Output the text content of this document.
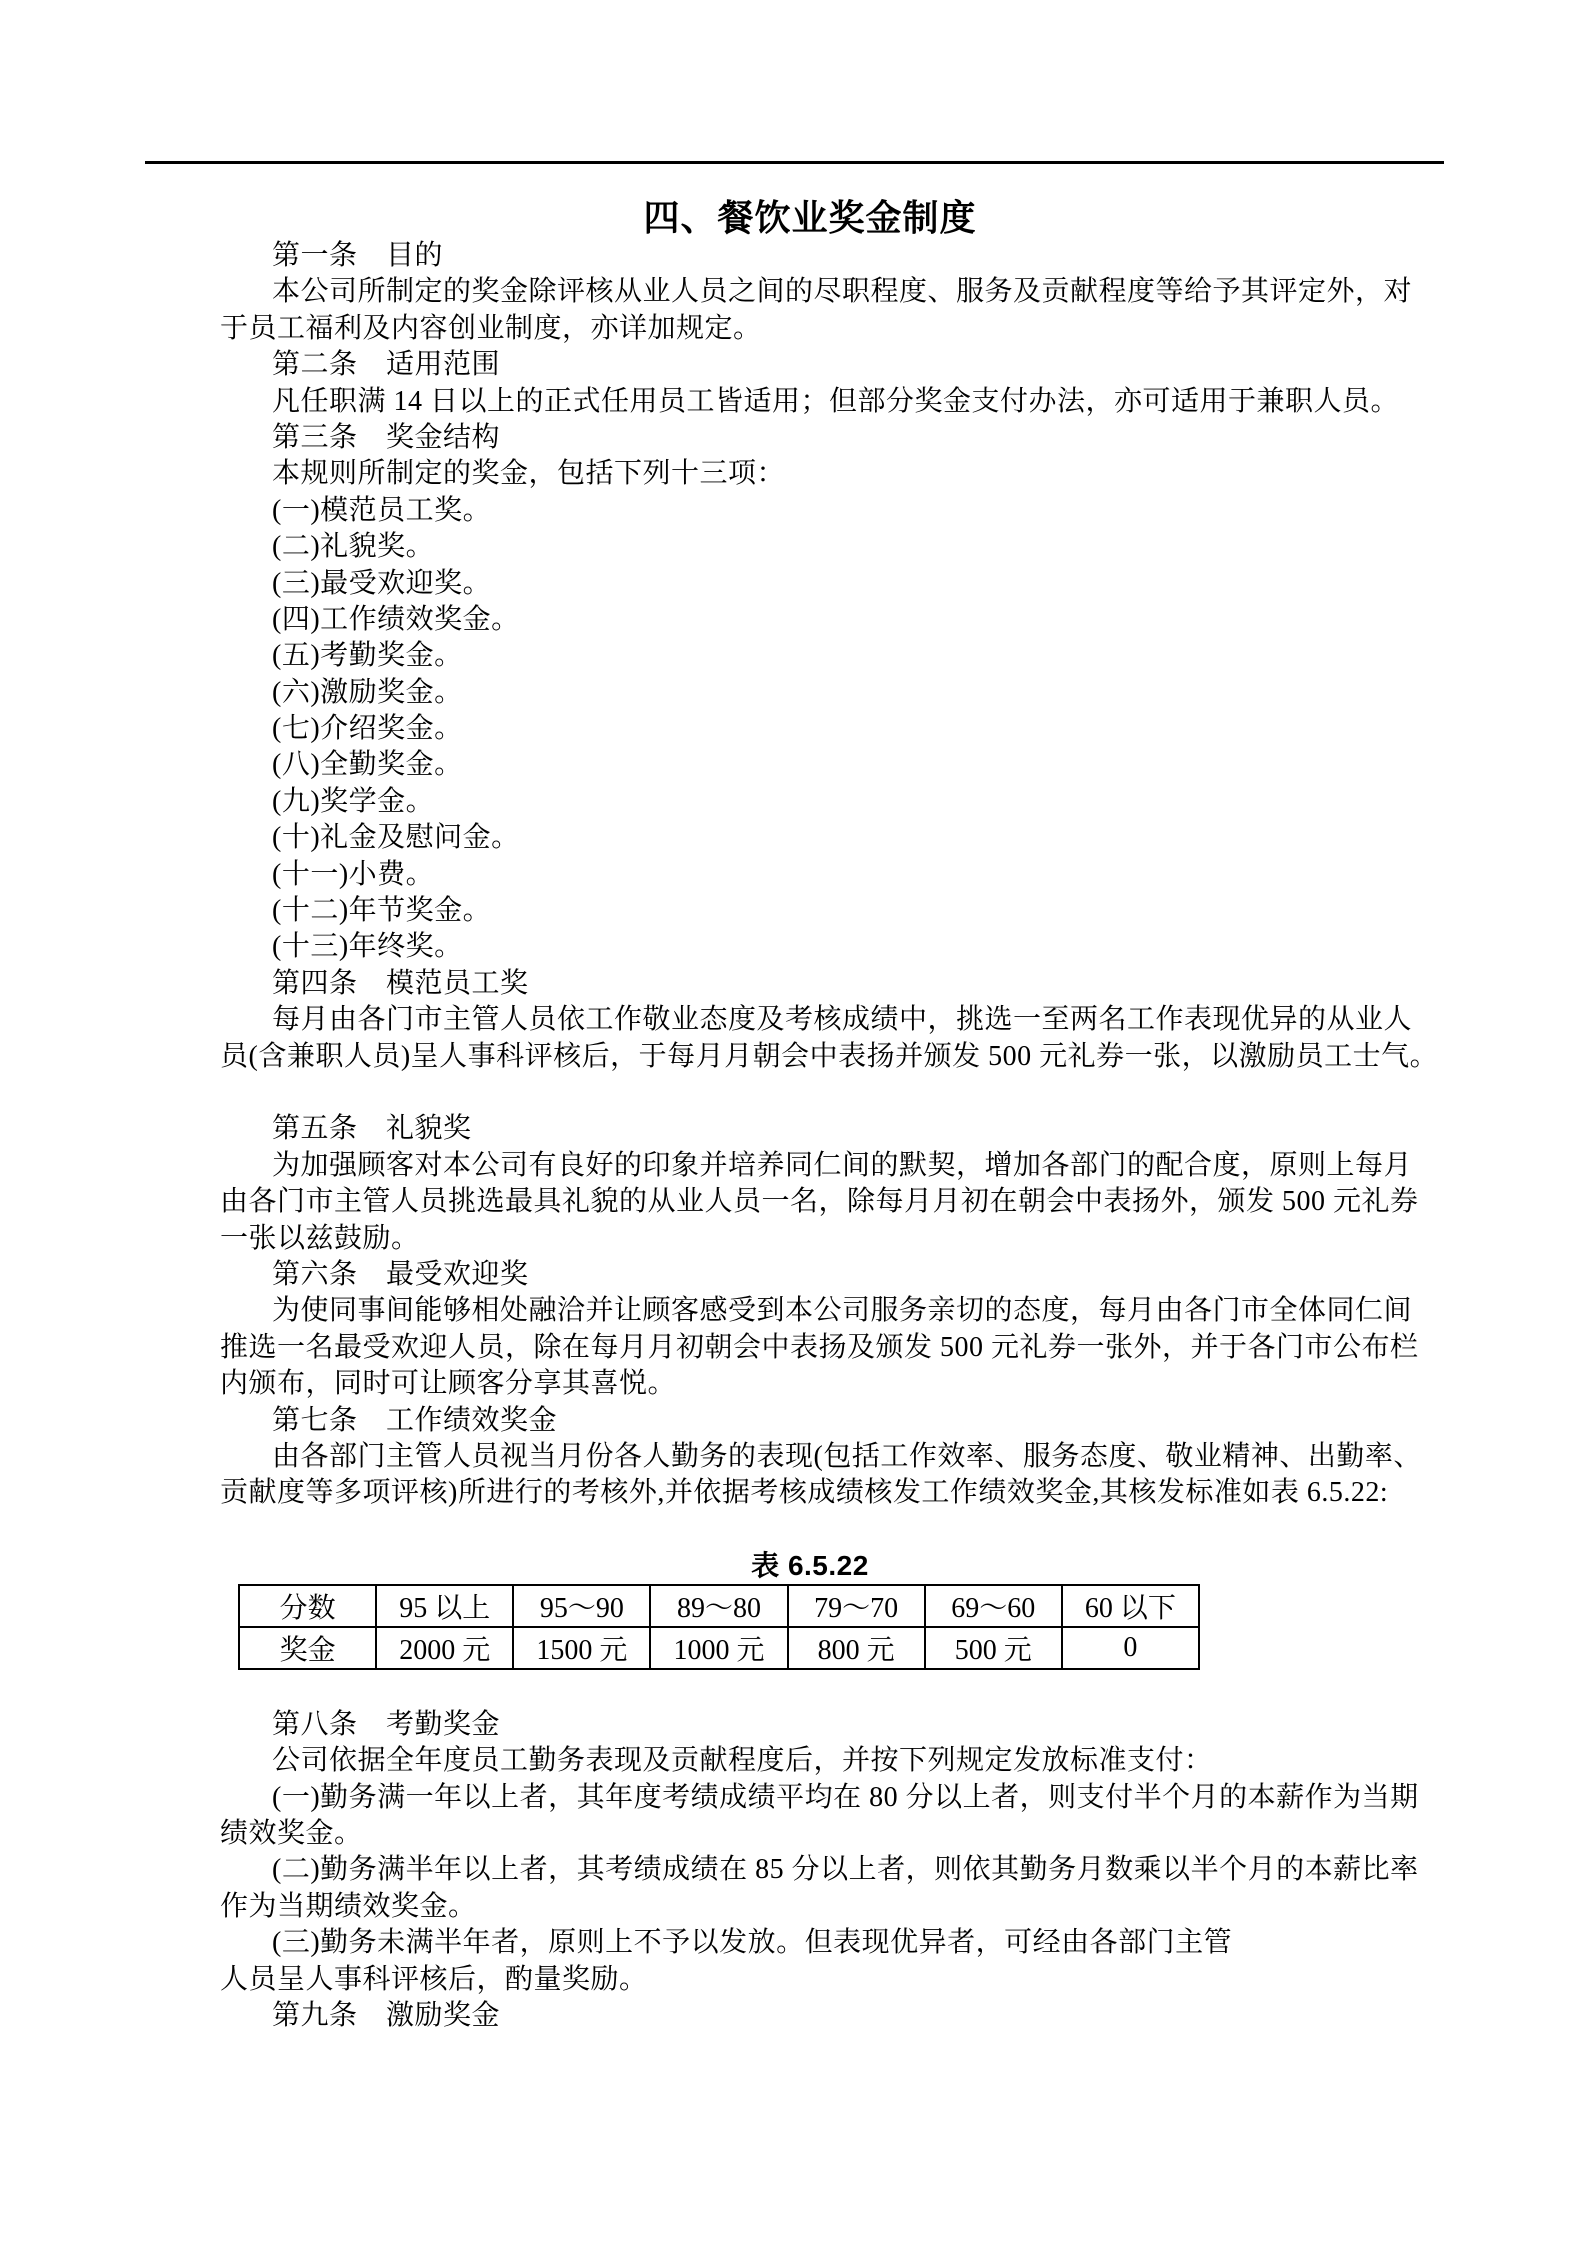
四、餐饮业奖金制度
第一条　目的
本公司所制定的奖金除评核从业人员之间的尽职程度、服务及贡献程度等给予其评定外，对
于员工福利及内容创业制度，亦详加规定。
第二条　适用范围
凡任职满 14 日以上的正式任用员工皆适用；但部分奖金支付办法，亦可适用于兼职人员。
第三条　奖金结构
本规则所制定的奖金，包括下列十三项：
(一)模范员工奖。
(二)礼貌奖。
(三)最受欢迎奖。
(四)工作绩效奖金。
(五)考勤奖金。
(六)激励奖金。
(七)介绍奖金。
(八)全勤奖金。
(九)奖学金。
(十)礼金及慰问金。
(十一)小费。
(十二)年节奖金。
(十三)年终奖。
第四条　模范员工奖
每月由各门市主管人员依工作敬业态度及考核成绩中，挑选一至两名工作表现优异的从业人
员(含兼职人员)呈人事科评核后，于每月月朝会中表扬并颁发 500 元礼券一张，以激励员工士气。
第五条　礼貌奖
为加强顾客对本公司有良好的印象并培养同仁间的默契，增加各部门的配合度，原则上每月
由各门市主管人员挑选最具礼貌的从业人员一名，除每月月初在朝会中表扬外，颁发 500 元礼券
一张以兹鼓励。
第六条　最受欢迎奖
为使同事间能够相处融洽并让顾客感受到本公司服务亲切的态度，每月由各门市全体同仁间
推选一名最受欢迎人员，除在每月月初朝会中表扬及颁发 500 元礼券一张外，并于各门市公布栏
内颁布，同时可让顾客分享其喜悦。
第七条　工作绩效奖金
由各部门主管人员视当月份各人勤务的表现(包括工作效率、服务态度、敬业精神、出勤率、
贡献度等多项评核)所进行的考核外,并依据考核成绩核发工作绩效奖金,其核发标准如表 6.5.22:
表 6.5.22
分数	95 以上	95～90	89～80	79～70	69～60	60 以下
奖金	2000 元	1500 元	1000 元	800 元	500 元	0
第八条　考勤奖金
公司依据全年度员工勤务表现及贡献程度后，并按下列规定发放标准支付：
(一)勤务满一年以上者，其年度考绩成绩平均在 80 分以上者，则支付半个月的本薪作为当期
绩效奖金。
(二)勤务满半年以上者，其考绩成绩在 85 分以上者，则依其勤务月数乘以半个月的本薪比率
作为当期绩效奖金。
(三)勤务未满半年者，原则上不予以发放。但表现优异者，可经由各部门主管
人员呈人事科评核后，酌量奖励。
第九条　激励奖金
